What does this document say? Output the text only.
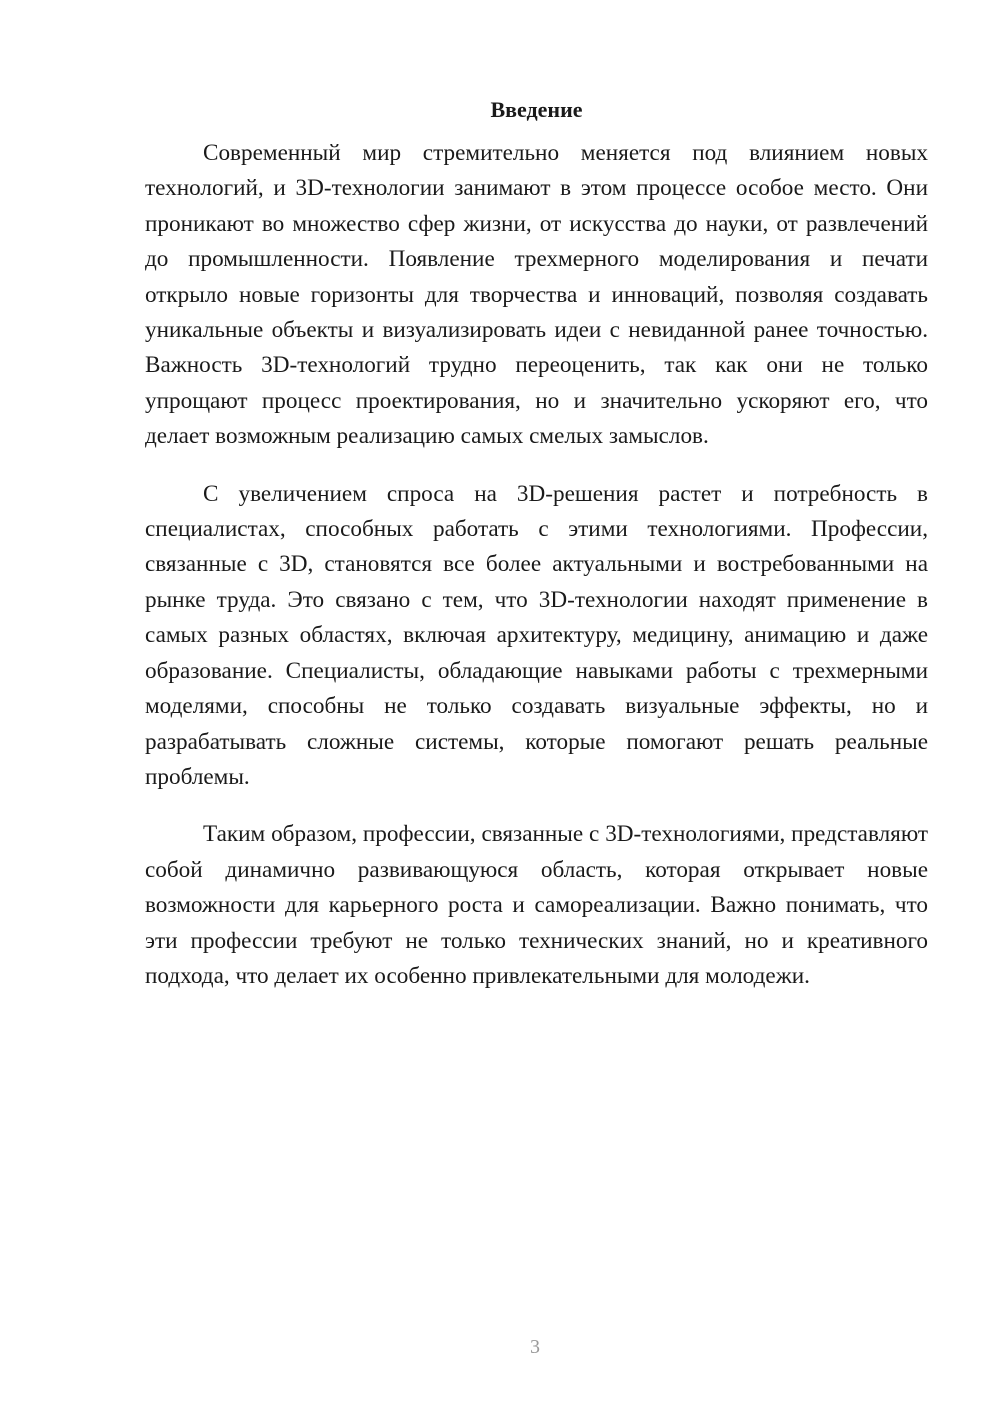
Введение

Современный мир стремительно меняется под влиянием новых технологий, и 3D-технологии занимают в этом процессе особое место. Они проникают во множество сфер жизни, от искусства до науки, от развлечений до промышленности. Появление трехмерного моделирования и печати открыло новые горизонты для творчества и инноваций, позволяя создавать уникальные объекты и визуализировать идеи с невиданной ранее точностью. Важность 3D-технологий трудно переоценить, так как они не только упрощают процесс проектирования, но и значительно ускоряют его, что делает возможным реализацию самых смелых замыслов.

С увеличением спроса на 3D-решения растет и потребность в специалистах, способных работать с этими технологиями. Профессии, связанные с 3D, становятся все более актуальными и востребованными на рынке труда. Это связано с тем, что 3D-технологии находят применение в самых разных областях, включая архитектуру, медицину, анимацию и даже образование. Специалисты, обладающие навыками работы с трехмерными моделями, способны не только создавать визуальные эффекты, но и разрабатывать сложные системы, которые помогают решать реальные проблемы.

Таким образом, профессии, связанные с 3D-технологиями, представляют собой динамично развивающуюся область, которая открывает новые возможности для карьерного роста и самореализации. Важно понимать, что эти профессии требуют не только технических знаний, но и креативного подхода, что делает их особенно привлекательными для молодежи.

3
